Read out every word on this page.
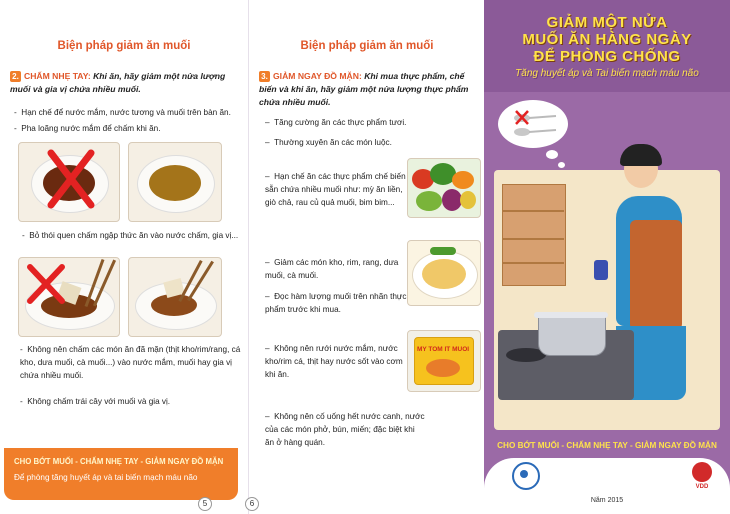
Biện pháp giảm ăn muối
2. CHẤM NHẸ TAY: Khi ăn, hãy giảm một nửa lượng muối và gia vị chứa nhiều muối.
-  Hạn chế để nước mắm, nước tương và muối trên bàn ăn.
-  Pha loãng nước mắm để chấm khi ăn.
-  Bỏ thói quen chấm ngập thức ăn vào nước chấm, gia vị...
-  Không nên chấm các món ăn đã mặn (thịt kho/rim/rang, cá kho, dưa muối, cà muối...) vào nước mắm, muối hay gia vị chứa nhiều muối.
-  Không chấm trái cây với muối và gia vị.
CHO BỚT MUỐI - CHẤM NHẸ TAY - GIẢM NGAY ĐỒ MẶN
Để phòng tăng huyết áp và tai biến mạch máu não
5
Biện pháp giảm ăn muối
3. GIẢM NGAY ĐỒ MẶN: Khi mua thực phẩm, chế biến và khi ăn, hãy giảm một nửa lượng thực phẩm chứa nhiều muối.
–  Tăng cường ăn các thực phẩm tươi.
–  Thường xuyên ăn các món luộc.
–  Hạn chế ăn các thực phẩm chế biến sẵn chứa nhiều muối như: mỳ ăn liền, giò chả, rau củ quả muối, bim bim...
–  Giảm các món kho, rim, rang, dưa muối, cà muối.
–  Đọc hàm lượng muối trên nhãn thực phẩm trước khi mua.
–  Không nên rưới nước mắm, nước kho/rim cá, thịt hay nước sốt vào cơm khi ăn.
–  Không nên cố uống hết nước canh, nước của các món phở, bún, miến; đặc biệt khi ăn ở hàng quán.
MY TOM IT MUOI
6
GIẢM MỘT NỬA
MUỐI ĂN HÀNG NGÀY
ĐỂ PHÒNG CHỐNG
Tăng huyết áp và Tai biến mạch máu não
CHO BỚT MUỐI - CHẤM NHẸ TAY - GIẢM NGAY ĐỒ MẶN
VDD
Năm 2015
